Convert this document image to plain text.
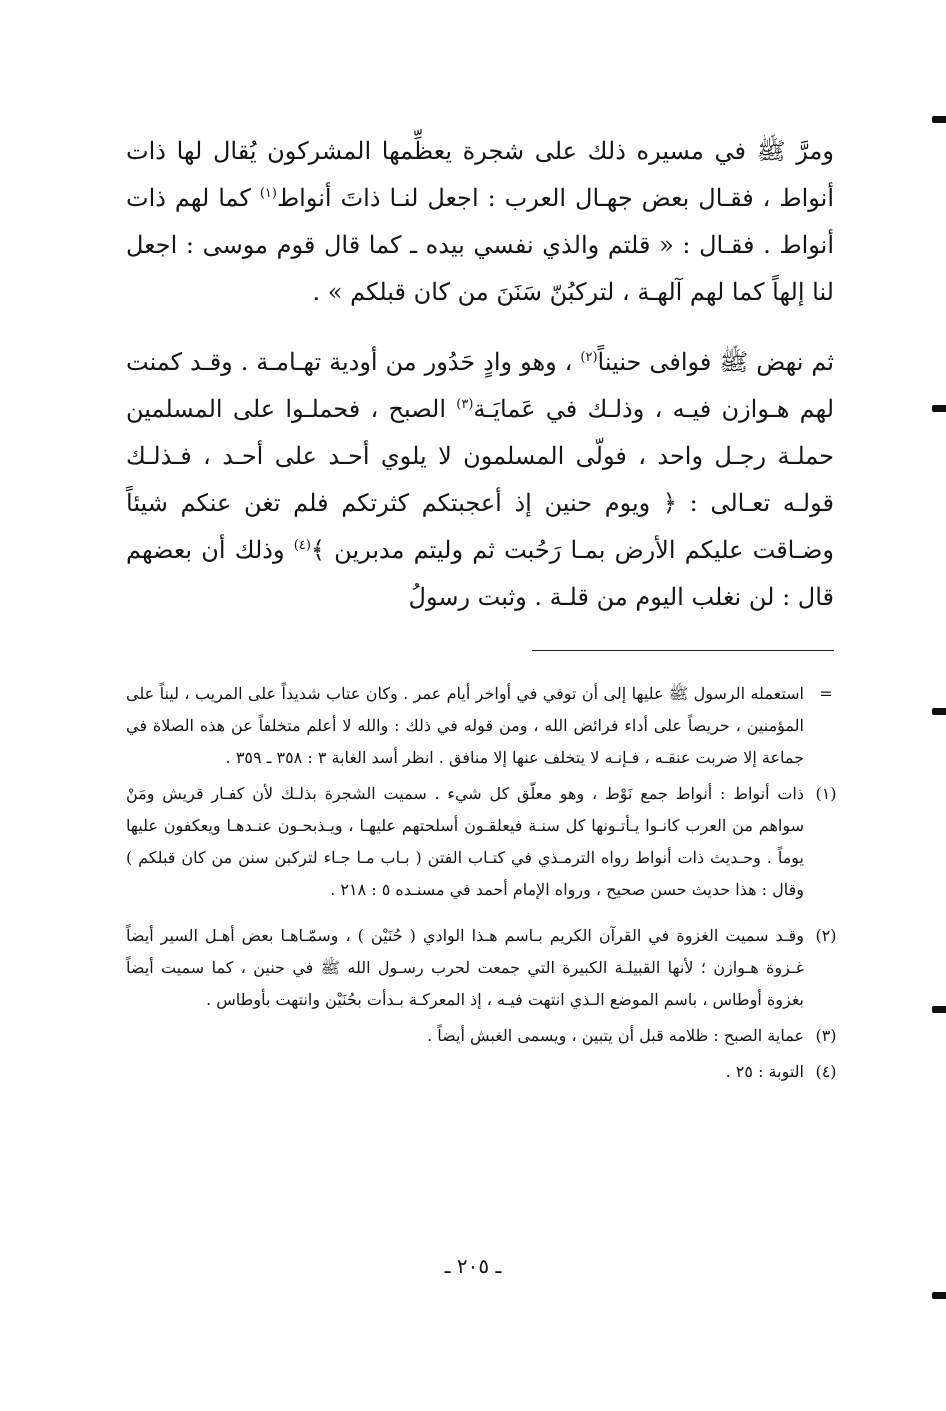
ومرَّ ﷺ في مسيره ذلك على شجرة يعظِّمها المشركون يُقال لها ذات أنواط ، فقـال بعض جهـال العرب : اجعل لنـا ذاتَ أنواط$^{(١)}$ كما لهم ذات أنواط . فقـال : « قلتم والذي نفسي بيده ـ كما قال قوم موسى : اجعل لنا إلهاً كما لهم آلهـة ، لتركبُنّ سَنَنَ من كان قبلكم » .

ثم نهض ﷺ فوافى حنيناً$^{(٢)}$ ، وهو وادٍ حَدُور من أودية تهـامـة . وقـد كمنت لهم هـوازن فيـه ، وذلـك في عَمايَـة$^{(٣)}$ الصبح ، فحملـوا على المسلمين حملـة رجـل واحد ، فولّى المسلمون لا يلوي أحـد على أحـد ، فـذلـك قولـه تعـالى : ﴿ ويوم حنين إذ أعجبتكم كثرتكم فلم تغن عنكم شيئاً وضـاقت عليكم الأرض بمـا رَحُبت ثم وليتم مدبرين ﴾$^{(٤)}$ وذلك أن بعضهم قال : لن نغلب اليوم من قلـة . وثبت رسولُ

=
استعمله الرسول ﷺ عليها إلى أن توفي في أواخر أيام عمر . وكان عتاب شديداً على المريب ، ليناً على المؤمنين ، حريصاً على أداء فرائض الله ، ومن قوله في ذلك : والله لا أعلم متخلفاً عن هذه الصلاة في جماعة إلا ضربت عنقـه ، فـإنـه لا يتخلف عنها إلا منافق . انظر أسد الغابة ٣ : ٣٥٨ ـ ٣٥٩ .
(١)
ذات أنواط : أنواط جمع نَوْط ، وهو معلّق كل شيء . سميت الشجرة بذلـك لأن كفـار قريش ومَنْ سواهم من العرب كانـوا يـأتـونها كل سنـة فيعلقـون أسلحتهم عليهـا ، ويـذبحـون عنـدهـا ويعكفون عليها يوماً . وحـديث ذات أنواط رواه الترمـذي في كتـاب الفتن ( بـاب مـا جـاء لتركبن سنن من كان قبلكم ) وقال : هذا حديث حسن صحيح ، ورواه الإمام أحمد في مسنـده ٥ : ٢١٨ .
(٢)
وقـد سميت الغزوة في القرآن الكريم بـاسم هـذا الوادي ( حُنَيْن ) ، وسمّـاهـا بعض أهـل السير أيضاً غـزوة هـوازن ؛ لأنها القبيلـة الكبيرة التي جمعت لحرب رسـول الله ﷺ في حنين ، كما سميت أيضاً بغزوة أوطاس ، باسم الموضع الـذي انتهت فيـه ، إذ المعركـة بـدأت بحُنَيْن وانتهت بأوطاس .
(٣)
عماية الصبح : ظلامه قبل أن يتبين ، ويسمى الغبش أيضاً .
(٤)
التوبة : ٢٥ .
ـ ٢٠٥ ـ
